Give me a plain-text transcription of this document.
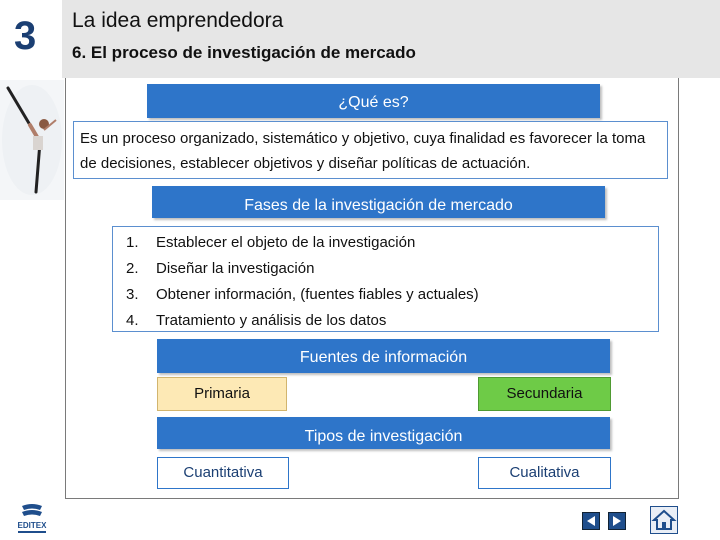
3 La idea emprendedora
6. El proceso de investigación de mercado
¿Qué es?
Es un proceso organizado, sistemático y objetivo, cuya finalidad es favorecer la toma de decisiones, establecer objetivos y diseñar políticas de actuación.
Fases de la investigación de mercado
1. Establecer el objeto de la investigación
2. Diseñar la investigación
3. Obtener información, (fuentes fiables y actuales)
4. Tratamiento y análisis de los datos
Fuentes de información
Primaria	Secundaria
Tipos de investigación
Cuantitativa	Cualitativa
EDITEX
